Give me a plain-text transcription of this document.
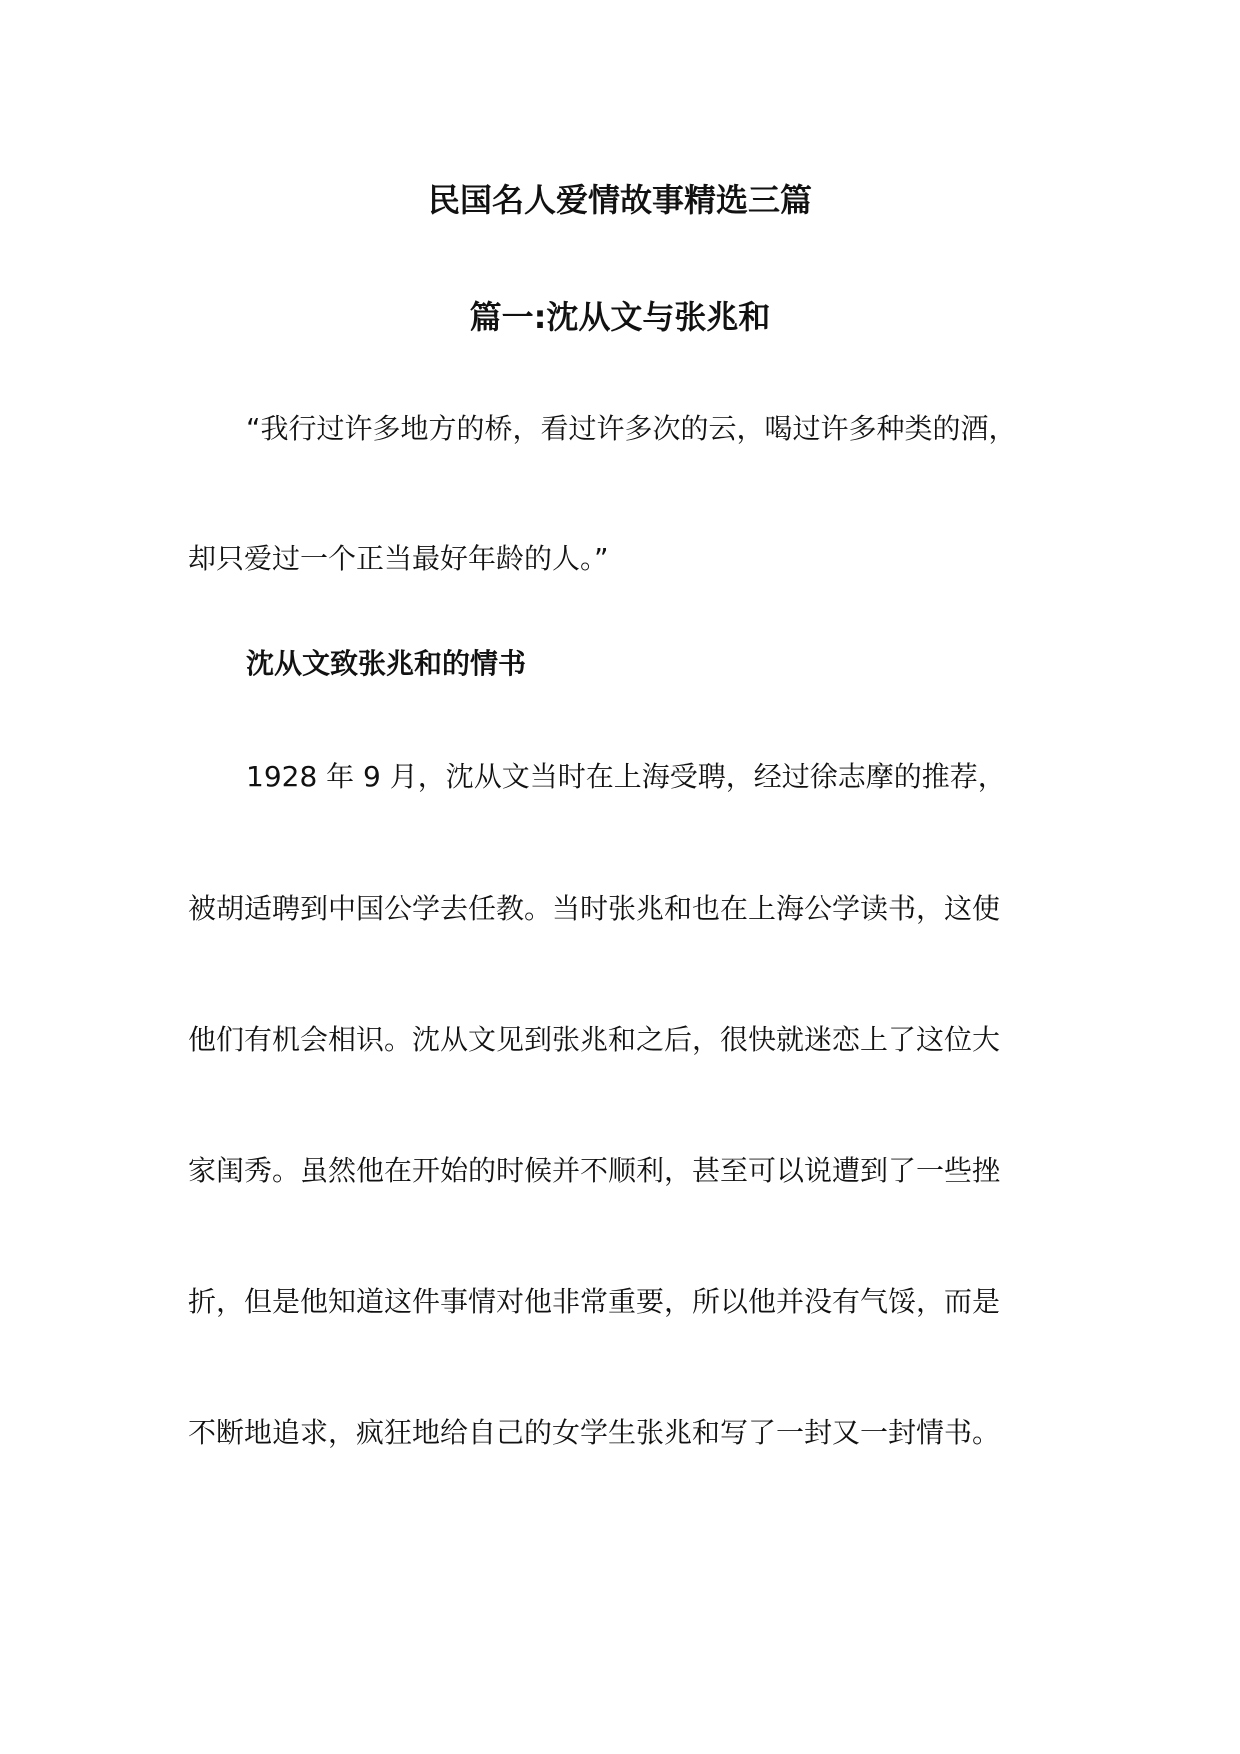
民国名人爱情故事精选三篇
篇一:沈从文与张兆和
“我行过许多地方的桥，看过许多次的云，喝过许多种类的酒，
却只爱过一个正当最好年龄的人。”
沈从文致张兆和的情书
1928 年 9 月，沈从文当时在上海受聘，经过徐志摩的推荐，
被胡适聘到中国公学去任教。当时张兆和也在上海公学读书，这使
他们有机会相识。沈从文见到张兆和之后，很快就迷恋上了这位大
家闺秀。虽然他在开始的时候并不顺利，甚至可以说遭到了一些挫
折，但是他知道这件事情对他非常重要，所以他并没有气馁，而是
不断地追求，疯狂地给自己的女学生张兆和写了一封又一封情书。
